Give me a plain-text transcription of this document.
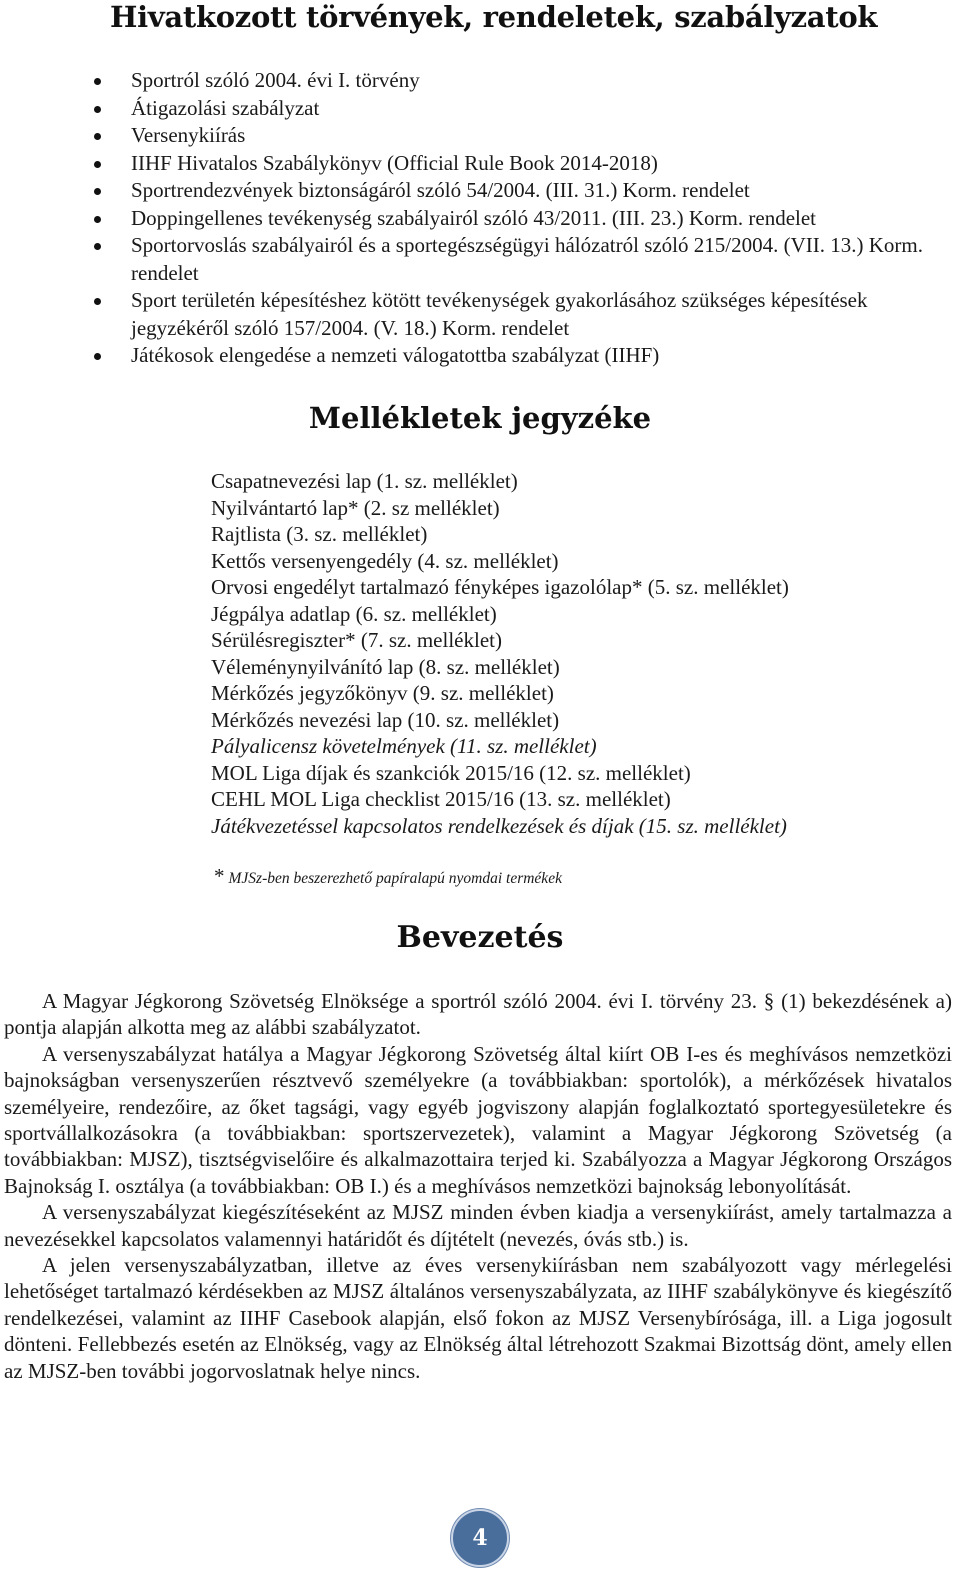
Hivatkozott törvények, rendeletek, szabályzatok
Sportról szóló 2004. évi I. törvény
Átigazolási szabályzat
Versenykiírás
IIHF Hivatalos Szabálykönyv (Official Rule Book 2014-2018)
Sportrendezvények biztonságáról szóló 54/2004. (III. 31.) Korm. rendelet
Doppingellenes tevékenység szabályairól szóló 43/2011. (III. 23.) Korm. rendelet
Sportorvoslás szabályairól és a sportegészségügyi hálózatról szóló 215/2004. (VII. 13.) Korm. rendelet
Sport területén képesítéshez kötött tevékenységek gyakorlásához szükséges képesítések jegyzékéről szóló 157/2004. (V. 18.) Korm. rendelet
Játékosok elengedése a nemzeti válogatottba szabályzat (IIHF)
Mellékletek jegyzéke
Csapatnevezési lap (1. sz. melléklet)
Nyilvántartó lap* (2. sz melléklet)
Rajtlista (3. sz. melléklet)
Kettős versenyengedély (4. sz. melléklet)
Orvosi engedélyt tartalmazó fényképes igazolólap* (5. sz. melléklet)
Jégpálya adatlap (6. sz. melléklet)
Sérülésregiszter* (7. sz. melléklet)
Véleménynyilvánító lap (8. sz. melléklet)
Mérkőzés jegyzőkönyv (9. sz. melléklet)
Mérkőzés nevezési lap (10. sz. melléklet)
Pályalicensz követelmények (11. sz. melléklet)
MOL Liga díjak és szankciók 2015/16 (12. sz. melléklet)
CEHL MOL Liga checklist 2015/16 (13. sz. melléklet)
Játékvezetéssel kapcsolatos rendelkezések és díjak (15. sz. melléklet)
* MJSz-ben beszerezhető papíralapú nyomdai termékek
Bevezetés

A Magyar Jégkorong Szövetség Elnöksége a sportról szóló 2004. évi I. törvény 23. § (1) bekezdésének a) pontja alapján alkotta meg az alábbi szabályzatot.

A versenyszabályzat hatálya a Magyar Jégkorong Szövetség által kiírt OB I-es és meghívásos nemzetközi bajnokságban versenyszerűen résztvevő személyekre (a továbbiakban: sportolók), a mérkőzések hivatalos személyeire, rendezőire, az őket tagsági, vagy egyéb jogviszony alapján foglalkoztató sportegyesületekre és sportvállalkozásokra (a továbbiakban: sportszervezetek), valamint a Magyar Jégkorong Szövetség (a továbbiakban: MJSZ), tisztségviselőire és alkalmazottaira terjed ki. Szabályozza a Magyar Jégkorong Országos Bajnokság I. osztálya (a továbbiakban: OB I.) és a meghívásos nemzetközi bajnokság lebonyolítását.

A versenyszabályzat kiegészítéseként az MJSZ minden évben kiadja a versenykiírást, amely tartalmazza a nevezésekkel kapcsolatos valamennyi határidőt és díjtételt (nevezés, óvás stb.) is.

A jelen versenyszabályzatban, illetve az éves versenykiírásban nem szabályozott vagy mérlegelési lehetőséget tartalmazó kérdésekben az MJSZ általános versenyszabályzata, az IIHF szabálykönyve és kiegészítő rendelkezései, valamint az IIHF Casebook alapján, első fokon az MJSZ Versenybírósága, ill. a Liga jogosult dönteni. Fellebbezés esetén az Elnökség, vagy az Elnökség által létrehozott Szakmai Bizottság dönt, amely ellen az MJSZ-ben további jogorvoslatnak helye nincs.

4
